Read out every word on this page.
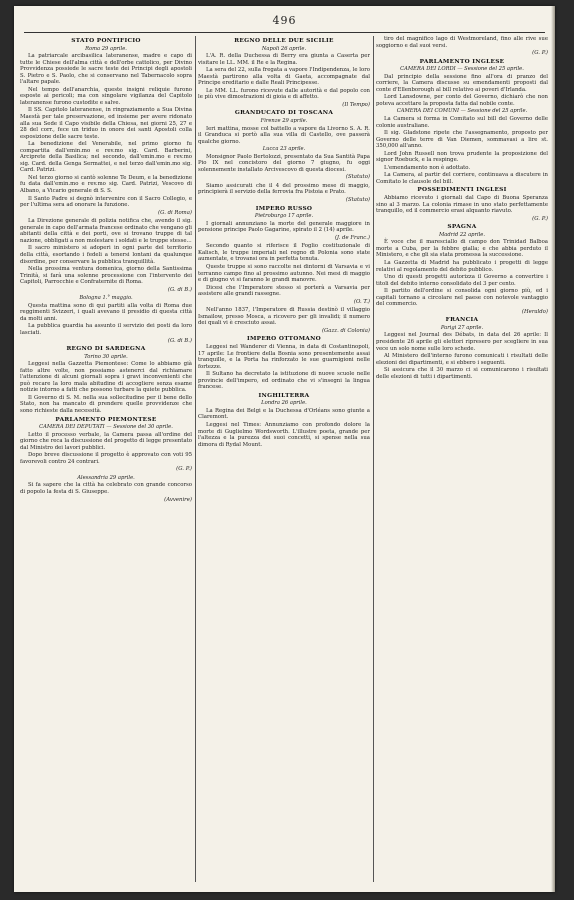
496
STATO PONTIFICIO
Roma 29 aprile.
La patriarcale arcibasilica lateranense, madre e capo di tutte le Chiese dell'alma città e dell'orbe cattolico, per Divino Provvidenza possiede le sacre teste dei Principi degli apostoli S. Pietro e S. Paolo, che si conservano nel Tabernacolo sopra l'altare papale.
Nel tempo dell'anarchia, queste insigni reliquie furono esposte ai pericoli; ma con singolare vigilanza del Capitolo lateranense furono custodite e salve.
Il SS. Capitolo lateranense, in ringraziamento a Sua Divina Maestà per tale preservazione, ed insieme per avere ridonato alla sua Sede il Capo visibile della Chiesa, nei giorni 25, 27 e 28 del corr., fece un triduo in onore dei santi Apostoli colla esposizione delle sacre teste.
La benedizione del Venerabile, nel primo giorno fu compartita dall'emin.mo e rev.mo sig. Card. Barberini, Arciprete della Basilica; nel secondo, dall'emin.mo e rev.mo sig. Card. della Genga Sermattei, e nel terzo dall'emin.mo sig. Card. Patrizi.
Nel terzo giorno si cantò solenne Te Deum, e la benedizione fu data dall'emin.mo e rev.mo sig. Card. Patrizi, Vescovo di Albano, a Vicario generale di S. S.
Il Santo Padre si degnò intervenire con il Sacro Collegio, e per l'ultima sera ad onorare la funzione.
(G. di Roma)
La Direzione generale di polizia notifica che, avendo il sig. generale in capo dell'armata francese ordinato che vengano gli abitanti della città e dei porti, ove si trovano truppe di tal nazione, obbligati a non molestare i soldati e le truppe stesse...
Il sacro ministero si adoperi in ogni parte del territorio della città, esortando i fedeli a tenersi lontani da qualunque disordine, per conservare la pubblica tranquillità.
Nella prossima ventura domenica, giorno della Santissima Trinità, si farà una solenne processione con l'intervento dei Capitoli, Parrocchie e Confraternite di Roma.
(G. di B.)
Bologna 1.° maggio.
Questa mattina sono di qui partiti alla volta di Roma due reggimenti Svizzeri, i quali avevano il presidio di questa città da molti anni.
La pubblica guardia ha assunto il servizio dei posti da loro lasciati.
(G. di B.)
REGNO DI SARDEGNA
Torino 30 aprile.
Leggesi nella Gazzetta Piemontese: Come lo abbiamo già fatto altre volte, non possiamo astenerci dal richiamare l'attenzione di alcuni giornali sopra i gravi inconvenienti che può recare la loro mala abitudine di accogliere senza esame notizie intorno a fatti che possono turbare la quiete pubblica.
Il Governo di S. M. nella sua sollecitudine per il bene dello Stato, non ha mancato di prendere quelle provvidenze che sono richieste dalla necessità.
PARLAMENTO PIEMONTESE
CAMERA DEI DEPUTATI — Sessione del 30 aprile.
Letto il processo verbale, la Camera passa all'ordine del giorno che reca la discussione del progetto di legge presentato dal Ministro dei lavori pubblici.
Dopo breve discussione il progetto è approvato con voti 95 favorevoli contro 24 contrari.
(G. P.)
Alessandria 29 aprile.
Si fa sapere che la città ha celebrato con grande concorso di popolo la festa di S. Giuseppe.
(Avvenire)
REGNO DELLE DUE SICILIE
Napoli 26 aprile.
L'A. R. della Duchessa di Berry era giunta a Caserta per visitare le LL. MM. il Re e la Regina.
La sera del 22, sulla fregata a vapore l'Indipendenza, le loro Maestà partirono alla volta di Gaeta, accompagnate dal Principe ereditario e dalle Reali Principesse.
Le MM. LL. furono ricevute dalle autorità e dal popolo con le più vive dimostrazioni di gioia e di affetto.
(Il Tempo)
GRANDUCATO DI TOSCANA
Firenze 29 aprile.
Ieri mattina, mosse col battello a vapore da Livorno S. A. R. il Granduca si portò alla sua villa di Castello, ove passerà qualche giorno.
Lucca 23 aprile.
Monsignor Paolo Bertolozzi, presentato da Sua Santità Papa Pio IX nel concistoro del giorno 7 giugno, fu oggi solennemente installato Arcivescovo di questa diocesi.
(Statuto)
Siamo assicurati che il 4 del prossimo mese di maggio, principierà il servizio della ferrovia fra Pistoia e Prato.
(Statuto)
IMPERO RUSSO
Pietroburgo 17 aprile.
I giornali annunziano la morte del generale maggiore in pensione principe Paolo Gagarine, spirato il 2 (14) aprile.
(J. de Franc.)
Secondo quanto si riferisce il Foglio costituzionale di Kalisch, le truppe imperiali nel regno di Polonia sono state aumentate, e trovansi ora in perfetta tenuta.
Queste truppe si sono raccolte nei dintorni di Varsavia e vi terranno campo fino al prossimo autunno. Nei mesi di maggio e di giugno vi si faranno le grandi manovre.
Dicesi che l'Imperatore stesso si porterà a Varsavia per assistere alle grandi rassegne.
(O. T.)
Nell'anno 1837, l'Imperatore di Russia destinò il villaggio Ismailow, presso Mosca, a ricovero per gli invalidi; il numero dei quali vi è cresciuto assai.
(Gazz. di Colonia)
IMPERO OTTOMANO
Leggesi nel Wanderer di Vienna, in data di Costantinopoli, 17 aprile: Le frontiere della Bosnia sono presentemente assai tranquille, e la Porta ha rinforzato le sue guarnigioni nelle fortezze.
Il Sultano ha decretato la istituzione di nuove scuole nelle provincie dell'impero, ed ordinato che vi s'insegni la lingua francese.
INGHILTERRA
Londra 26 aprile.
La Regina dei Belgi e la Duchessa d'Orléans sono giunte a Claremont.
Leggesi nel Times: Annunziamo con profondo dolore la morte di Guglielmo Wordsworth. L'illustre poeta, grande per l'altezza e la purezza dei suoi concetti, si spense nella sua dimora di Rydal Mount.
tiro del magnifico lago di Westmoreland, fino alle rive sue soggiorno e dal suoi versi.
(G. P.)
PARLAMENTO INGLESE
CAMERA DEI LORDI — Sessione del 25 aprile.
Dal principio della sessione fino all'ora di pranzo del corriere, la Camera discusse su emendamenti proposti dal conte d'Ellenborough al bill relativo ai poveri d'Irlanda.
Lord Lansdowne, per conto del Governo, dichiarò che non poteva accettare la proposta fatta dal nobile conte.
CAMERA DEI COMUNI — Sessione del 25 aprile.
La Camera si forma in Comitato sul bill del Governo delle colonie australiane.
Il sig. Gladstone ripete che l'assegnamento, proposto per Governo delle terre di Van Diemen, sommavasi a lire st. 350,000 all'anno.
Lord John Russell non trova prudente la proposizione del signor Roebuck, e la respinge.
L'emendamento non è adottato.
La Camera, al partir del corriere, continuava a discutere in Comitato le clausole del bill.
POSSEDIMENTI INGLESI
Abbiamo ricevuto i giornali dal Capo di Buona Speranza sino al 3 marzo. La colonia rimase in uno stato perfettamente tranquillo, ed il commercio erasi alquanto riavuto.
(G. P.)
SPAGNA
Madrid 22 aprile.
È voce che il maresciallo di campo don Trinidad Balboa morte a Cuba, per la febbre gialla; e che abbia perduto il Ministero, e che gli sia stata promessa la successione.
La Gazzetta di Madrid ha pubblicato i progetti di legge relativi al regolamento del debito pubblico.
Uno di questi progetti autorizza il Governo a convertire i titoli del debito interno consolidato del 3 per cento.
Il partito dell'ordine si consolida ogni giorno più, ed i capitali tornano a circolare nel paese con notevole vantaggio del commercio.
(Heraldo)
FRANCIA
Parigi 27 aprile.
Leggesi nel Journal des Débats, in data del 26 aprile: Il presidente 26 aprile gli elettori ripresero per scegliere in sua vece un solo nome sulle loro schede.
Al Ministero dell'interno furono comunicati i risultati delle elezioni dei dipartimenti, e si ebbero i seguenti.
Si assicura che il 30 marzo ci si comunicarono i risultati delle elezioni di tutti i dipartimenti.
